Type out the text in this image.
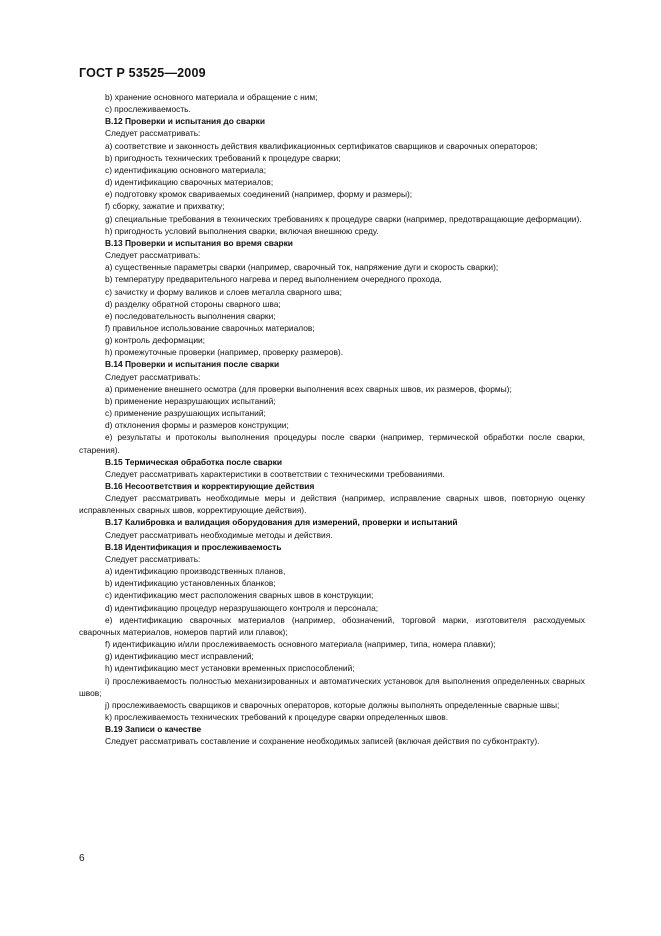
ГОСТ Р 53525—2009

b) хранение основного материала и обращение с ним;

c) прослеживаемость.

В.12 Проверки и испытания до сварки

Следует рассматривать:

a) соответствие и законность действия квалификационных сертификатов сварщиков и сварочных операторов;

b) пригодность технических требований к процедуре сварки;

c) идентификацию основного материала;

d) идентификацию сварочных материалов;

e) подготовку кромок свариваемых соединений (например, форму и размеры);

f) сборку, зажатие и прихватку;

g) специальные требования в технических требованиях к процедуре сварки (например, предотвращающие деформации).

h) пригодность условий выполнения сварки, включая внешнюю среду.

В.13 Проверки и испытания во время сварки

Следует рассматривать:

a) существенные параметры сварки (например, сварочный ток, напряжение дуги и скорость сварки);

b) температуру предварительного нагрева и перед выполнением очередного прохода,

c) зачистку и форму валиков и слоев металла сварного шва;

d) разделку обратной стороны сварного шва;

e) последовательность выполнения сварки;

f) правильное использование сварочных материалов;

g) контроль деформации;

h) промежуточные проверки (например, проверку размеров).

В.14 Проверки и испытания после сварки

Следует рассматривать:

a) применение внешнего осмотра (для проверки выполнения всех сварных швов, их размеров, формы);

b) применение неразрушающих испытаний;

c) применение разрушающих испытаний;

d) отклонения формы и размеров конструкции;

e) результаты и протоколы выполнения процедуры после сварки (например, термической обработки после сварки, старения).

В.15 Термическая обработка после сварки

Следует рассматривать характеристики в соответствии с техническими требованиями.

В.16 Несоответствия и корректирующие действия

Следует рассматривать необходимые меры и действия (например, исправление сварных швов, повторную оценку исправленных сварных швов, корректирующие действия).

В.17 Калибровка и валидация оборудования для измерений, проверки и испытаний

Следует рассматривать необходимые методы и действия.

В.18 Идентификация и прослеживаемость

Следует рассматривать:

a) идентификацию производственных планов,

b) идентификацию установленных бланков;

c) идентификацию мест расположения сварных швов в конструкции;

d) идентификацию процедур неразрушающего контроля и персонала;

e) идентификацию сварочных материалов (например, обозначений, торговой марки, изготовителя расходуемых сварочных материалов, номеров партий или плавок);

f) идентификацию и/или прослеживаемость основного материала (например, типа, номера плавки);

g) идентификацию мест исправлений;

h) идентификацию мест установки временных приспособлений;

i) прослеживаемость полностью механизированных и автоматических установок для выполнения определенных сварных швов;

j) прослеживаемость сварщиков и сварочных операторов, которые должны выполнять определенные сварные швы;

k) прослеживаемость технических требований к процедуре сварки определенных швов.

В.19 Записи о качестве

Следует рассматривать составление и сохранение необходимых записей (включая действия по субконтракту).

6
